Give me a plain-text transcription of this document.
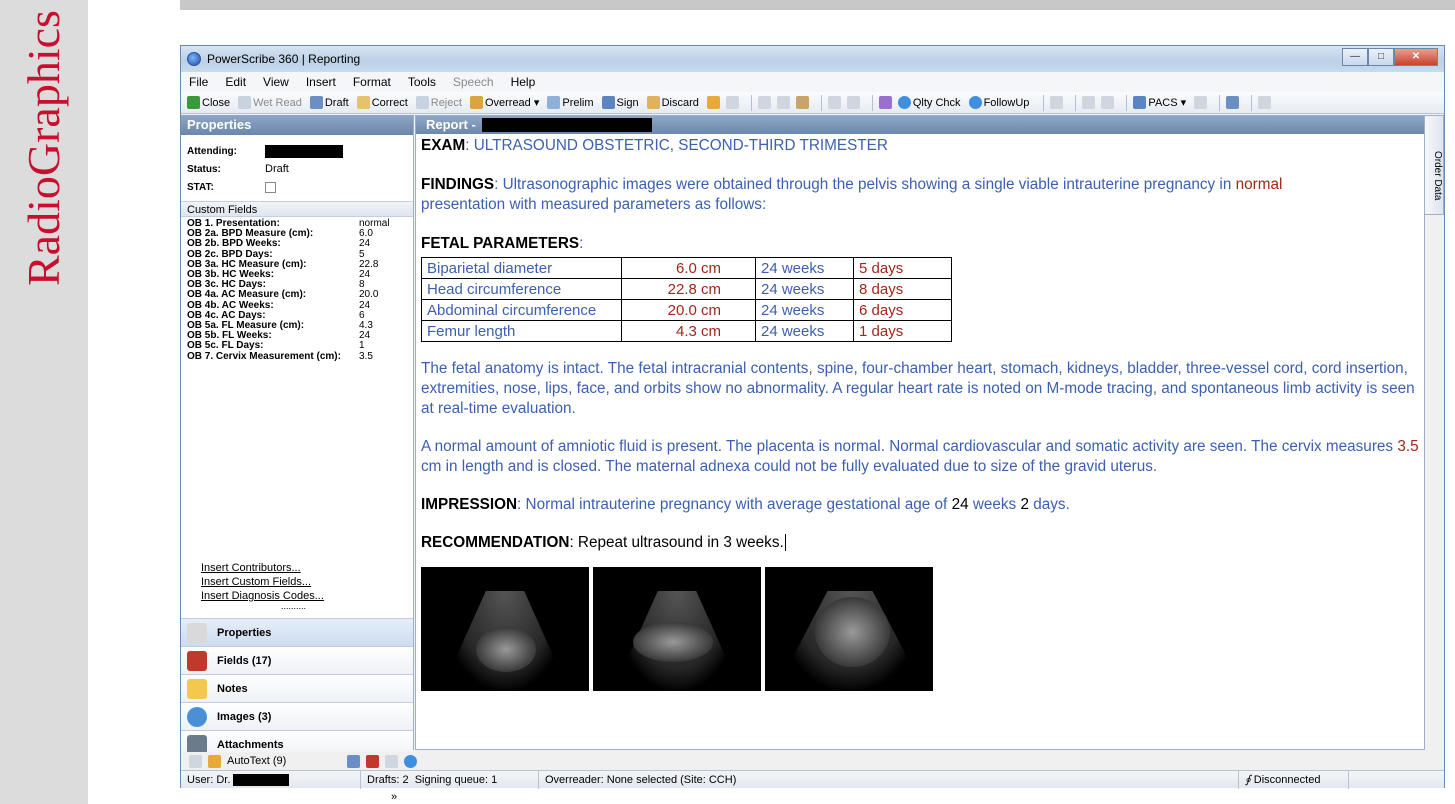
RadioGraphics	PowerScribe 360 | Reporting	—	□	✕
File Edit View Insert Format Tools Speech Help
Close Wet Read Draft Correct Reject Overread ▾ Prelim Sign Discard	Qlty Chck FollowUp	PACS ▾
Properties
Attending:
Status:	Draft
STAT:
Custom Fields
OB 1. Presentation:	normal
OB 2a. BPD Measure (cm):	6.0
OB 2b. BPD Weeks:	24
OB 2c. BPD Days:	5
OB 3a. HC Measure (cm):	22.8
OB 3b. HC Weeks:	24
OB 3c. HC Days:	8
OB 4a. AC Measure (cm):	20.0
OB 4b. AC Weeks:	24
OB 4c. AC Days:	6
OB 5a. FL Measure (cm):	4.3
OB 5b. FL Weeks:	24
OB 5c. FL Days:	1
OB 7. Cervix Measurement (cm):	3.5
Insert Contributors...
Insert Custom Fields...
Insert Diagnosis Codes...
..........
Properties
Fields (17)
Notes
Images (3)
Attachments
»
Report -
EXAM: ULTRASOUND OBSTETRIC, SECOND-THIRD TRIMESTER
FINDINGS: Ultrasonographic images were obtained through the pelvis showing a single viable intrauterine pregnancy in normal
presentation with measured parameters as follows:
FETAL PARAMETERS:
Biparietal diameter	6.0 cm	24 weeks	5 days
Head circumference	22.8 cm	24 weeks	8 days
Abdominal circumference	20.0 cm	24 weeks	6 days
Femur length	4.3 cm	24 weeks	1 days
The fetal anatomy is intact. The fetal intracranial contents, spine, four-chamber heart, stomach, kidneys, bladder, three-vessel cord, cord insertion, extremities, nose, lips, face, and orbits show no abnormality. A regular heart rate is noted on M-mode tracing, and spontaneous limb activity is seen at real-time evaluation.
A normal amount of amniotic fluid is present. The placenta is normal. Normal cardiovascular and somatic activity are seen. The cervix measures 3.5 cm in length and is closed. The maternal adnexa could not be fully evaluated due to size of the gravid uterus.
IMPRESSION: Normal intrauterine pregnancy with average gestational age of 24 weeks 2 days.
RECOMMENDATION: Repeat ultrasound in 3 weeks.
Order Data
AutoText (9)
User: Dr.	Drafts: 2 Signing queue: 1	Overreader: None selected (Site: CCH)	∮ Disconnected
